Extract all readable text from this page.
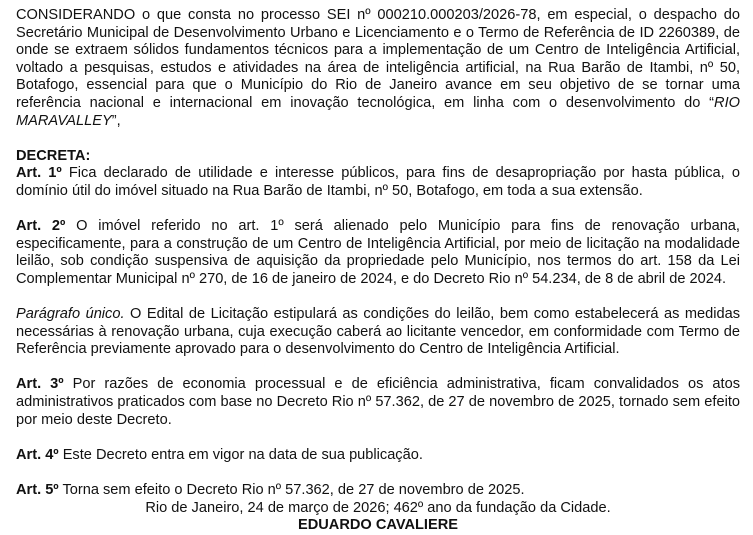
CONSIDERANDO o que consta no processo SEI nº 000210.000203/2026-78, em especial, o despacho do Secretário Municipal de Desenvolvimento Urbano e Licenciamento e o Termo de Referência de ID 2260389, de onde se extraem sólidos fundamentos técnicos para a implementação de um Centro de Inteligência Artificial, voltado a pesquisas, estudos e atividades na área de inteligência artificial, na Rua Barão de Itambi, nº 50, Botafogo, essencial para que o Município do Rio de Janeiro avance em seu objetivo de se tornar uma referência nacional e internacional em inovação tecnológica, em linha com o desenvolvimento do “RIO MARAVALLEY”,

DECRETA:

Art. 1º Fica declarado de utilidade e interesse públicos, para fins de desapropriação por hasta pública, o domínio útil do imóvel situado na Rua Barão de Itambi, nº 50, Botafogo, em toda a sua extensão.

Art. 2º O imóvel referido no art. 1º será alienado pelo Município para fins de renovação urbana, especificamente, para a construção de um Centro de Inteligência Artificial, por meio de licitação na modalidade leilão, sob condição suspensiva de aquisição da propriedade pelo Município, nos termos do art. 158 da Lei Complementar Municipal nº 270, de 16 de janeiro de 2024, e do Decreto Rio nº 54.234, de 8 de abril de 2024.

Parágrafo único. O Edital de Licitação estipulará as condições do leilão, bem como estabelecerá as medidas necessárias à renovação urbana, cuja execução caberá ao licitante vencedor, em conformidade com Termo de Referência previamente aprovado para o desenvolvimento do Centro de Inteligência Artificial.

Art. 3º Por razões de economia processual e de eficiência administrativa, ficam convalidados os atos administrativos praticados com base no Decreto Rio nº 57.362, de 27 de novembro de 2025, tornado sem efeito por meio deste Decreto.

Art. 4º Este Decreto entra em vigor na data de sua publicação.

Art. 5º Torna sem efeito o Decreto Rio nº 57.362, de 27 de novembro de 2025.

Rio de Janeiro, 24 de março de 2026; 462º ano da fundação da Cidade.

EDUARDO CAVALIERE
